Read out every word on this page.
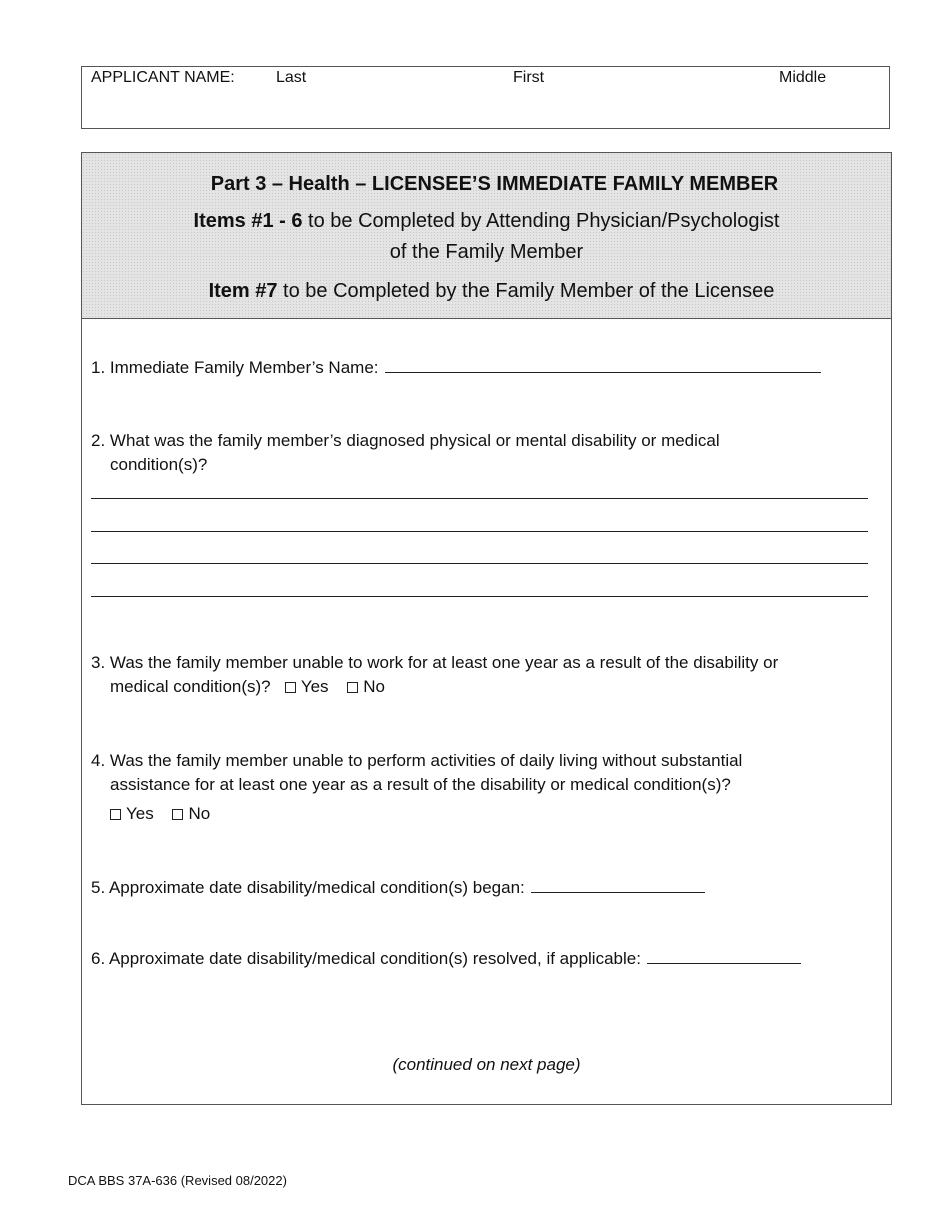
APPLICANT NAME:	Last	First	Middle
Part 3 – Health – LICENSEE’S IMMEDIATE FAMILY MEMBER
Items #1 - 6 to be Completed by Attending Physician/Psychologist
of the Family Member
Item #7 to be Completed by the Family Member of the Licensee
1. Immediate Family Member’s Name:
2. What was the family member’s diagnosed physical or mental disability or medical
condition(s)?
3. Was the family member unable to work for at least one year as a result of the disability or
medical condition(s)? Yes No
4. Was the family member unable to perform activities of daily living without substantial
assistance for at least one year as a result of the disability or medical condition(s)?
Yes No
5. Approximate date disability/medical condition(s) began:
6. Approximate date disability/medical condition(s) resolved, if applicable:
(continued on next page)
DCA BBS 37A-636 (Revised 08/2022)
